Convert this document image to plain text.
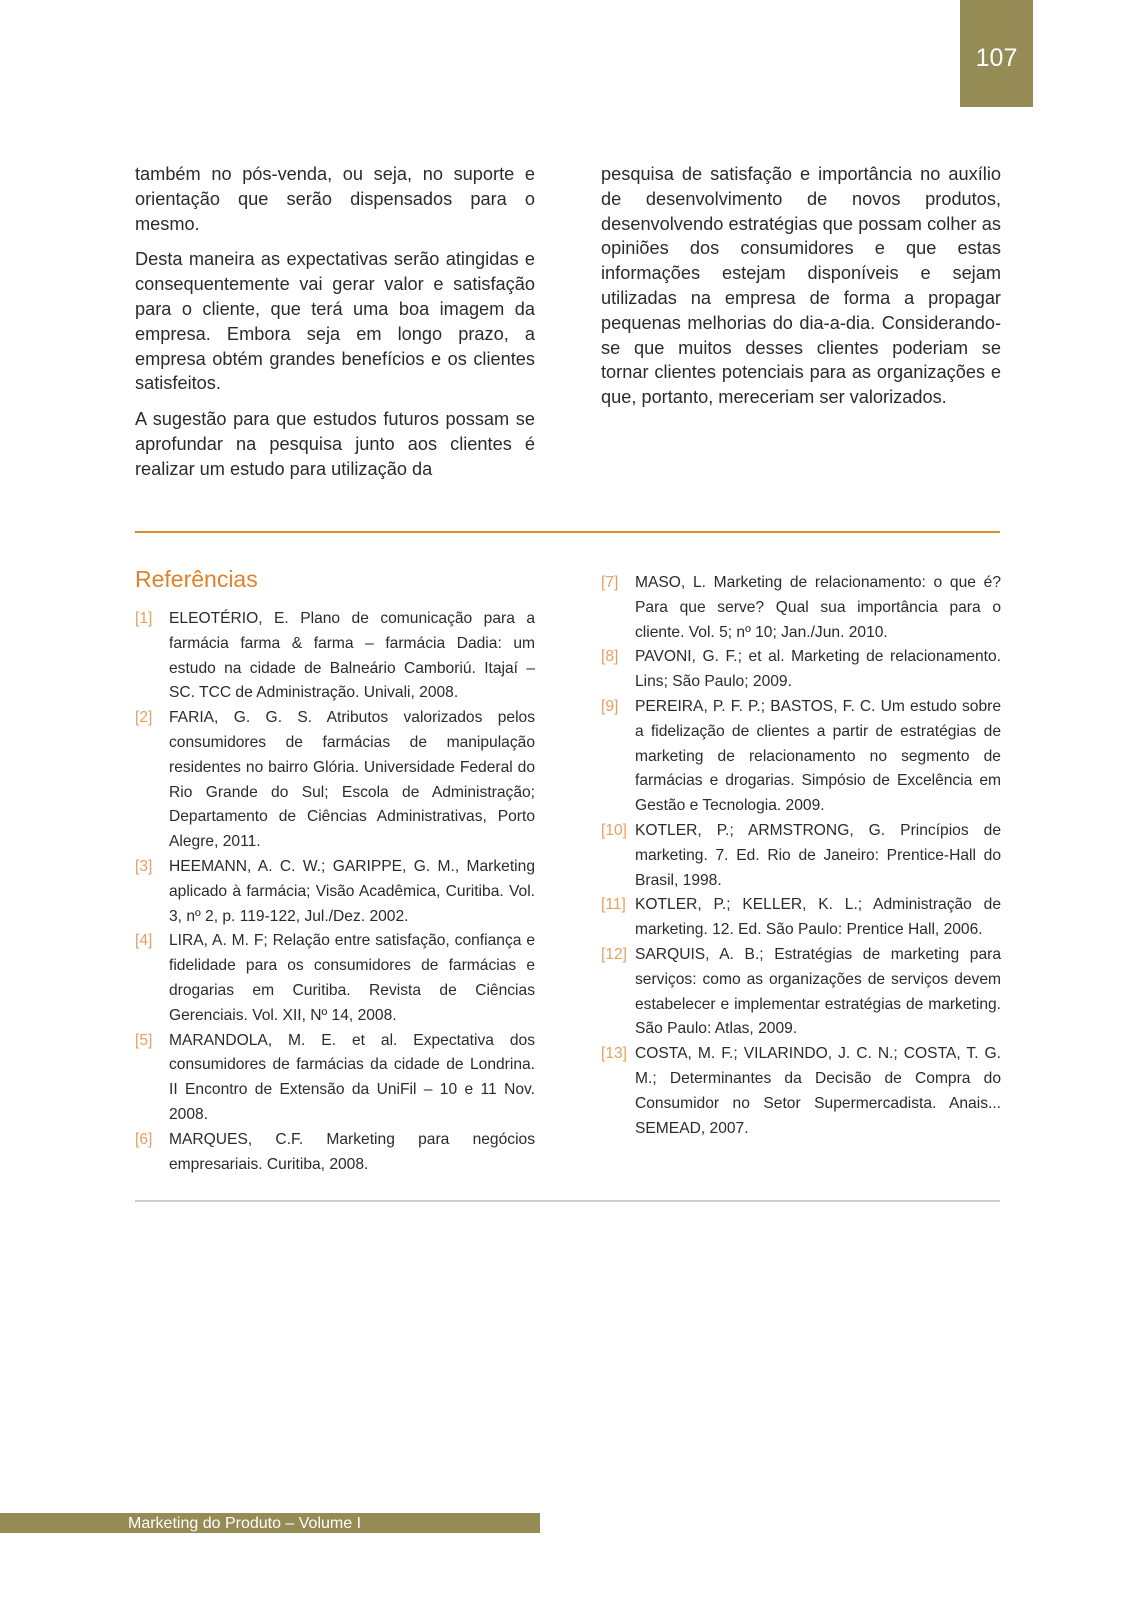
107

também no pós-venda, ou seja, no suporte e orientação que serão dispensados para o mesmo.

Desta maneira as expectativas serão atingidas e consequentemente vai gerar valor e satisfação para o cliente, que terá uma boa imagem da empresa. Embora seja em longo prazo, a empresa obtém grandes benefícios e os clientes satisfeitos.

A sugestão para que estudos futuros possam se aprofundar na pesquisa junto aos clientes é realizar um estudo para utilização da

pesquisa de satisfação e importância no auxílio de desenvolvimento de novos produtos, desenvolvendo estratégias que possam colher as opiniões dos consumidores e que estas informações estejam disponíveis e sejam utilizadas na empresa de forma a propagar pequenas melhorias do dia-a-dia. Considerando-se que muitos desses clientes poderiam se tornar clientes potenciais para as organizações e que, portanto, mereceriam ser valorizados.

Referências
[1]	ELEOTÉRIO, E. Plano de comunicação para a farmácia farma & farma – farmácia Dadia: um estudo na cidade de Balneário Camboriú. Itajaí – SC. TCC de Administração. Univali, 2008.
[2]	FARIA, G. G. S. Atributos valorizados pelos consumidores de farmácias de manipulação residentes no bairro Glória. Universidade Federal do Rio Grande do Sul; Escola de Administração; Departamento de Ciências Administrativas, Porto Alegre, 2011.
[3]	HEEMANN, A. C. W.; GARIPPE, G. M., Marketing aplicado à farmácia; Visão Acadêmica, Curitiba. Vol. 3, nº 2, p. 119-122, Jul./Dez. 2002.
[4]	LIRA, A. M. F; Relação entre satisfação, confiança e fidelidade para os consumidores de farmácias e drogarias em Curitiba. Revista de Ciências Gerenciais. Vol. XII, Nº 14, 2008.
[5]	MARANDOLA, M. E. et al. Expectativa dos consumidores de farmácias da cidade de Londrina. II Encontro de Extensão da UniFil – 10 e 11 Nov. 2008.
[6]	MARQUES, C.F. Marketing para negócios empresariais. Curitiba, 2008.
[7]	MASO, L. Marketing de relacionamento: o que é? Para que serve? Qual sua importância para o cliente. Vol. 5; nº 10; Jan./Jun. 2010.
[8]	PAVONI, G. F.; et al. Marketing de relacionamento. Lins; São Paulo; 2009.
[9]	PEREIRA, P. F. P.; BASTOS, F. C. Um estudo sobre a fidelização de clientes a partir de estratégias de marketing de relacionamento no segmento de farmácias e drogarias. Simpósio de Excelência em Gestão e Tecnologia. 2009.
[10] KOTLER, P.; ARMSTRONG, G. Princípios de marketing. 7. Ed. Rio de Janeiro: Prentice-Hall do Brasil, 1998.
[11] KOTLER, P.; KELLER, K. L.; Administração de marketing. 12. Ed. São Paulo: Prentice Hall, 2006.
[12] SARQUIS, A. B.; Estratégias de marketing para serviços: como as organizações de serviços devem estabelecer e implementar estratégias de marketing. São Paulo: Atlas, 2009.
[13] COSTA, M. F.; VILARINDO, J. C. N.; COSTA, T. G. M.; Determinantes da Decisão de Compra do Consumidor no Setor Supermercadista. Anais... SEMEAD, 2007.
Marketing do Produto – Volume I
